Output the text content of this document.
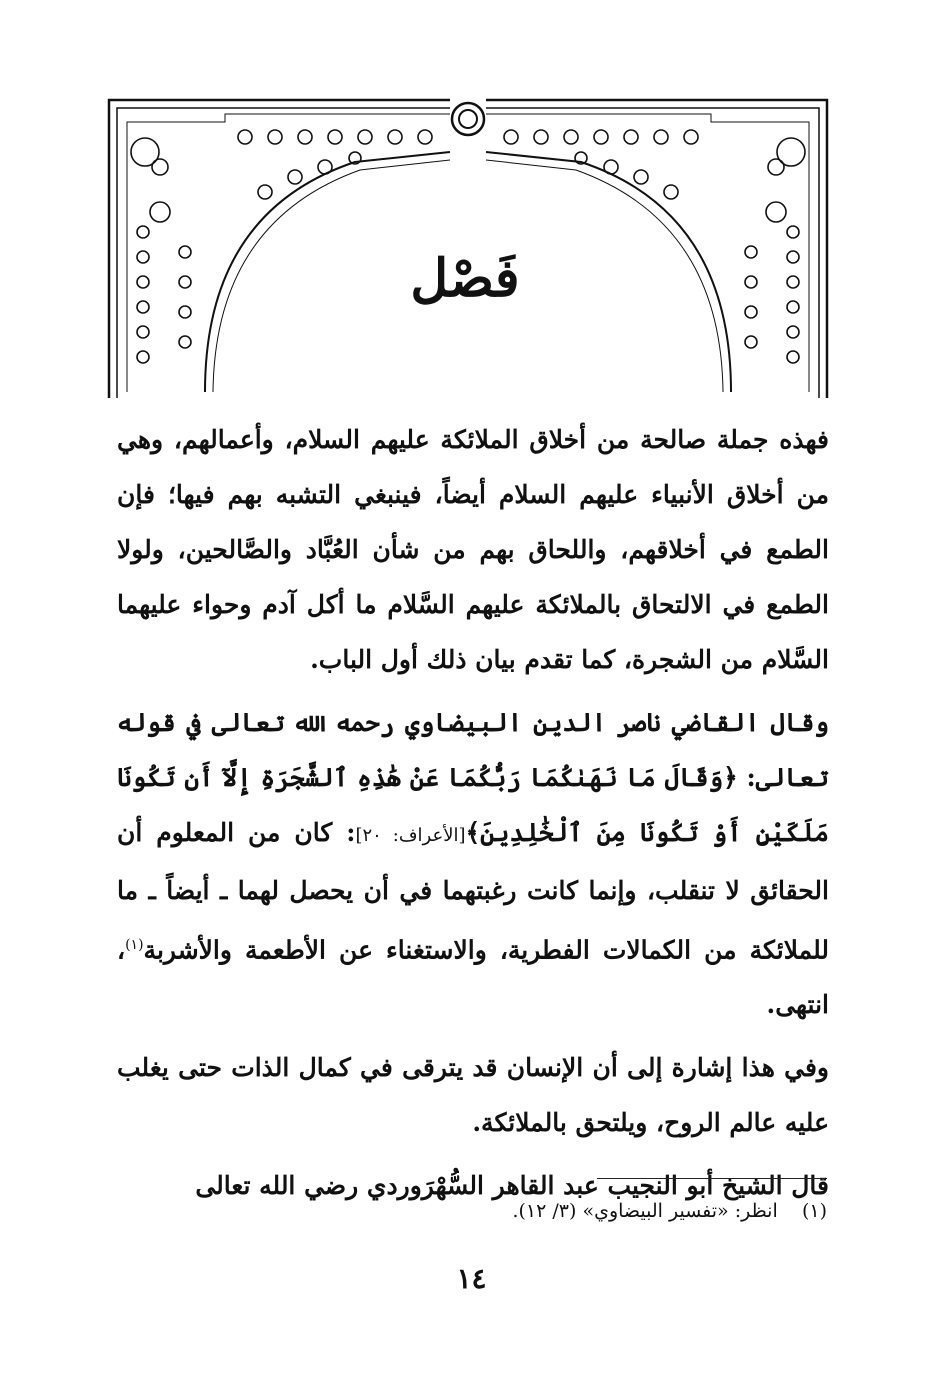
فَصْل

فهذه جملة صالحة من أخلاق الملائكة عليهم السلام، وأعمالهم، وهي من أخلاق الأنبياء عليهم السلام أيضاً، فينبغي التشبه بهم فيها؛ فإن الطمع في أخلاقهم، واللحاق بهم من شأن العُبَّاد والصَّالحين، ولولا الطمع في الالتحاق بالملائكة عليهم السَّلام ما أكل آدم وحواء عليهما السَّلام من الشجرة، كما تقدم بيان ذلك أول الباب.

وقال القاضي ناصر الدين البيضاوي رحمه الله تعالى في قوله تعالى: ﴿وَقَالَ مَا نَهَىٰكُمَا رَبُّكُمَا عَنْ هَٰذِهِ ٱلشَّجَرَةِ إِلَّآ أَن تَكُونَا مَلَكَيْنِ أَوْ تَكُونَا مِنَ ٱلْخَٰلِدِينَ﴾[الأعراف: ٢٠]: كان من المعلوم أن الحقائق لا تنقلب، وإنما كانت رغبتهما في أن يحصل لهما ـ أيضاً ـ ما للملائكة من الكمالات الفطرية، والاستغناء عن الأطعمة والأشربة$^{(١)}$، انتهى.

وفي هذا إشارة إلى أن الإنسان قد يترقى في كمال الذات حتى يغلب عليه عالم الروح، ويلتحق بالملائكة.

قال الشيخ أبو النجيب عبد القاهر السُّهْرَوردي رضي الله تعالى

(١)    انظر: «تفسير البيضاوي» (٣/ ١٢).
١٤
